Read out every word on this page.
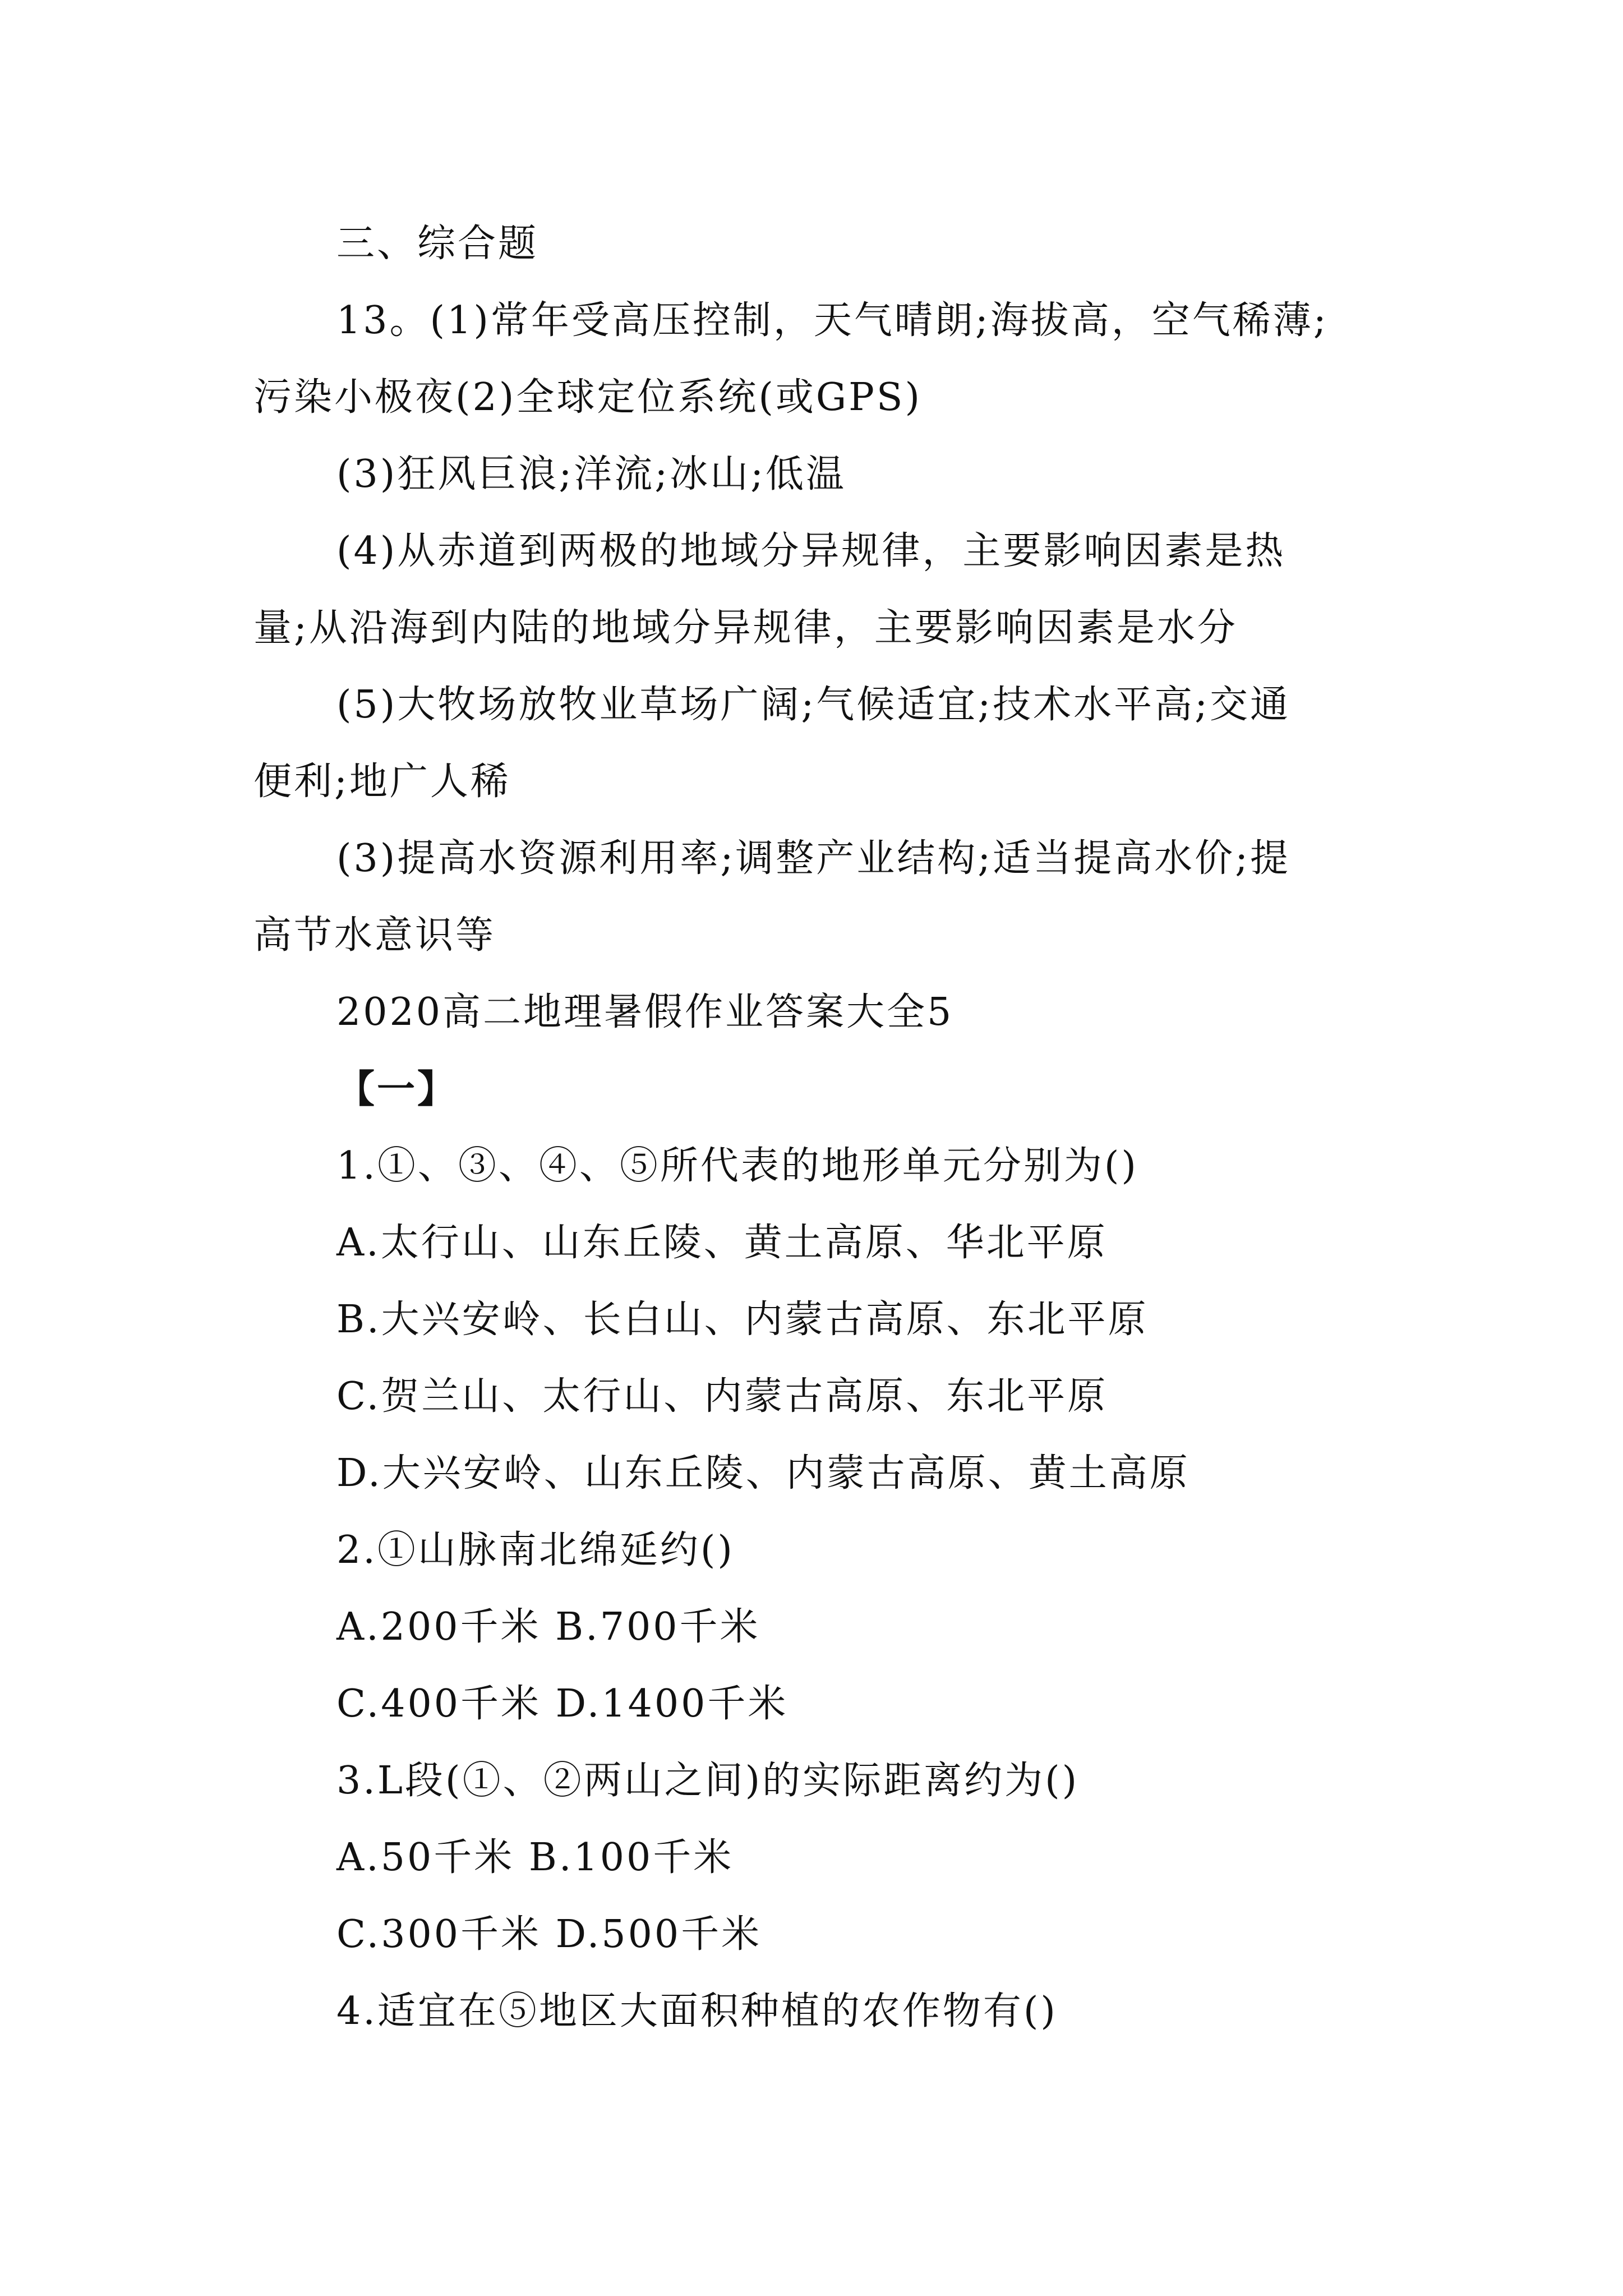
三、综合题
13。(1)常年受高压控制，天气晴朗;海拔高，空气稀薄;
污染小极夜(2)全球定位系统(或GPS)
(3)狂风巨浪;洋流;冰山;低温
(4)从赤道到两极的地域分异规律，主要影响因素是热
量;从沿海到内陆的地域分异规律，主要影响因素是水分
(5)大牧场放牧业草场广阔;气候适宜;技术水平高;交通
便利;地广人稀
(3)提高水资源利用率;调整产业结构;适当提高水价;提
高节水意识等
2020高二地理暑假作业答案大全5
【一】
1.①、③、④、⑤所代表的地形单元分别为()
A.太行山、山东丘陵、黄土高原、华北平原
B.大兴安岭、长白山、内蒙古高原、东北平原
C.贺兰山、太行山、内蒙古高原、东北平原
D.大兴安岭、山东丘陵、内蒙古高原、黄土高原
2.①山脉南北绵延约()
A.200千米 B.700千米
C.400千米 D.1400千米
3.L段(①、②两山之间)的实际距离约为()
A.50千米 B.100千米
C.300千米 D.500千米
4.适宜在⑤地区大面积种植的农作物有()
